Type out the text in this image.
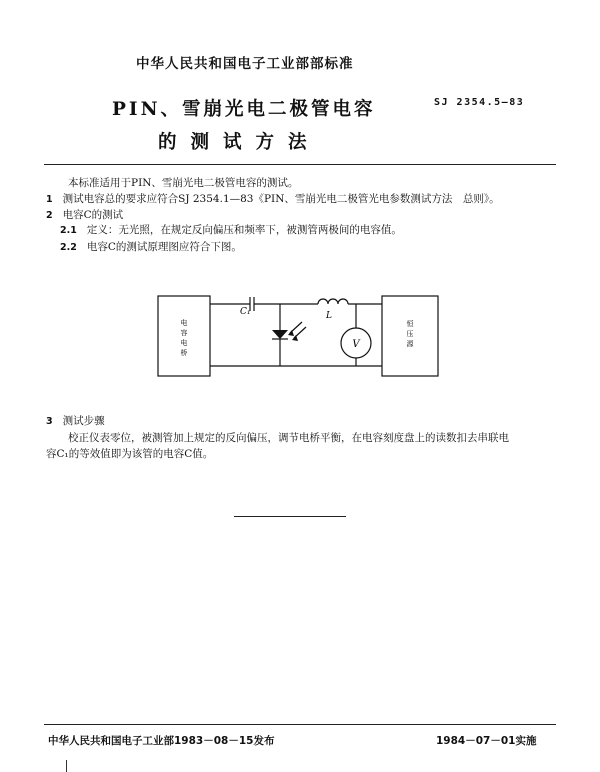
中华人民共和国电子工业部部标准
PIN、雪崩光电二极管电容
的测试方法
SJ 2354.5—83
本标准适用于PIN、雪崩光电二极管电容的测试。
1 测试电容总的要求应符合SJ 2354.1—83《PIN、雪崩光电二极管光电参数测试方法　总则》。
2 电容C的测试
2.1 定义：无光照，在规定反向偏压和频率下，被测管两极间的电容值。
2.2 电容C的测试原理图应符合下图。
C₁	L
V
电
容
电
桥
恒
压
源
3 测试步骤
校正仪表零位，被测管加上规定的反向偏压，调节电桥平衡，在电容刻度盘上的读数扣去串联电
容C₁的等效值即为该管的电容C值。
中华人民共和国电子工业部1983－08－15发布	1984－07－01实施
